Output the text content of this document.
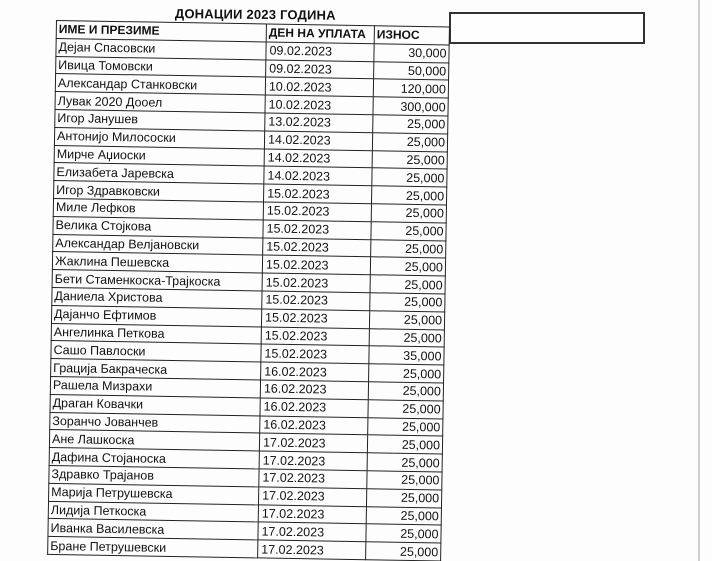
ДОНАЦИИ 2023 ГОДИНА
ИМЕ И ПРЕЗИМЕ	ДЕН НА УПЛАТА	ИЗНОС
Дејан Спасовски	09.02.2023	30,000
Ивица Томовски	09.02.2023	50,000
Александар Станковски	10.02.2023	120,000
Лувак 2020 Дооел	10.02.2023	300,000
Игор Јанушев	13.02.2023	25,000
Антонијо Милососки	14.02.2023	25,000
Мирче Аџиоски	14.02.2023	25,000
Елизабета Јаревска	14.02.2023	25,000
Игор Здравковски	15.02.2023	25,000
Миле Лефков	15.02.2023	25,000
Велика Стојкова	15.02.2023	25,000
Александар Велјановски	15.02.2023	25,000
Жаклина Пешевска	15.02.2023	25,000
Бети Стаменкоска-Трајкоска	15.02.2023	25,000
Даниела Христова	15.02.2023	25,000
Дајанчо Ефтимов	15.02.2023	25,000
Ангелинка Петкова	15.02.2023	25,000
Сашо Павлоски	15.02.2023	35,000
Грација Бакраческа	16.02.2023	25,000
Рашела Мизрахи	16.02.2023	25,000
Драган Ковачки	16.02.2023	25,000
Зоранчо Јованчев	16.02.2023	25,000
Ане Лашкоска	17.02.2023	25,000
Дафина Стојаноска	17.02.2023	25,000
Здравко Трајанов	17.02.2023	25,000
Марија Петрушевска	17.02.2023	25,000
Лидија Петкоска	17.02.2023	25,000
Иванка Василевска	17.02.2023	25,000
Бране Петрушевски	17.02.2023	25,000
